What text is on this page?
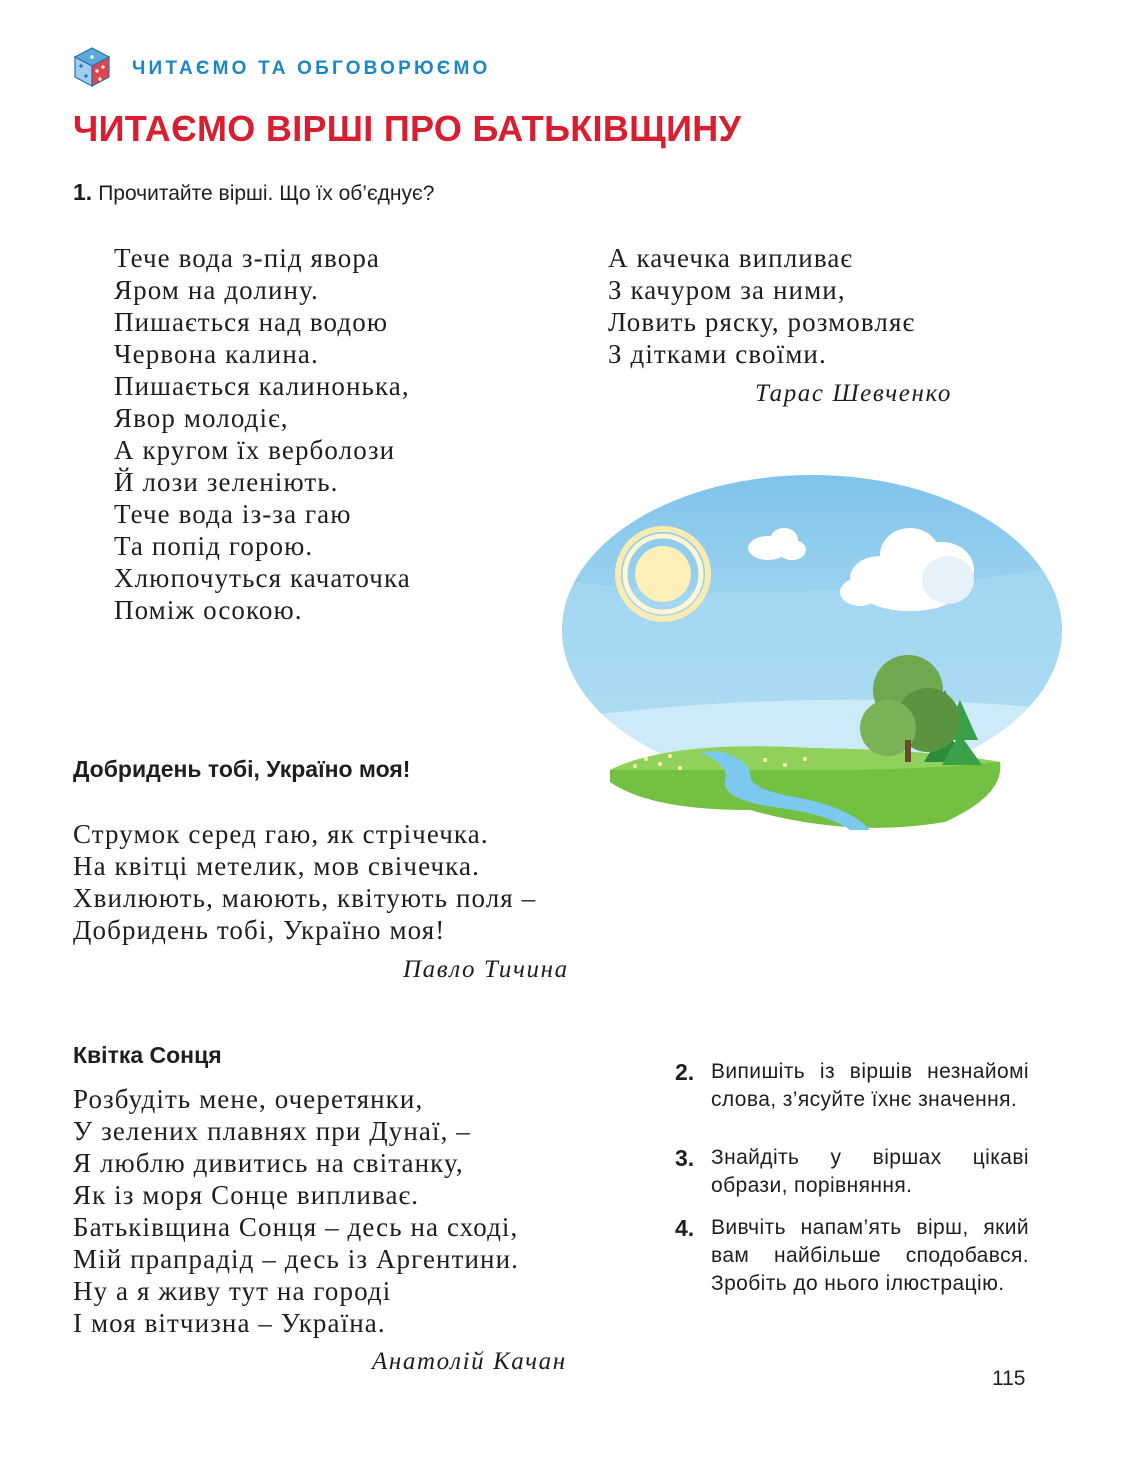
ЧИТАЄМО ТА ОБГОВОРЮЄМО
ЧИТАЄМО ВІРШІ ПРО БАТЬКІВЩИНУ
1. Прочитайте вірші. Що їх об’єднує?
Тече вода з-під явора
Яром на долину.
Пишається над водою
Червона калина.
Пишається калинонька,
Явор молодіє,
А кругом їх верболози
Й лози зеленіють.
Тече вода із-за гаю
Та попід горою.
Хлюпочуться качаточка
Поміж осокою.
А качечка випливає
З качуром за ними,
Ловить ряску, розмовляє
З дітками своїми.
Тарас Шевченко
Добридень тобі, Україно моя!
Струмок серед гаю, як стрічечка.
На квітці метелик, мов свічечка.
Хвилюють, маюють, квітують поля –
Добридень тобі, Україно моя!
Павло Тичина
Квітка Сонця
Розбудіть мене, очеретянки,
У зелених плавнях при Дунаї, –
Я люблю дивитись на світанку,
Як із моря Сонце випливає.
Батьківщина Сонця – десь на сході,
Мій прапрадід – десь із Аргентини.
Ну а я живу тут на городі
І моя вітчизна – Україна.
Анатолій Качан
2. Випишіть із віршів незнайомі слова, з’ясуйте їхнє значення.
3. Знайдіть у віршах цікаві образи, порівняння.
4. Вивчіть напам’ять вірш, який вам найбільше сподобався. Зробіть до нього ілюстрацію.
115
